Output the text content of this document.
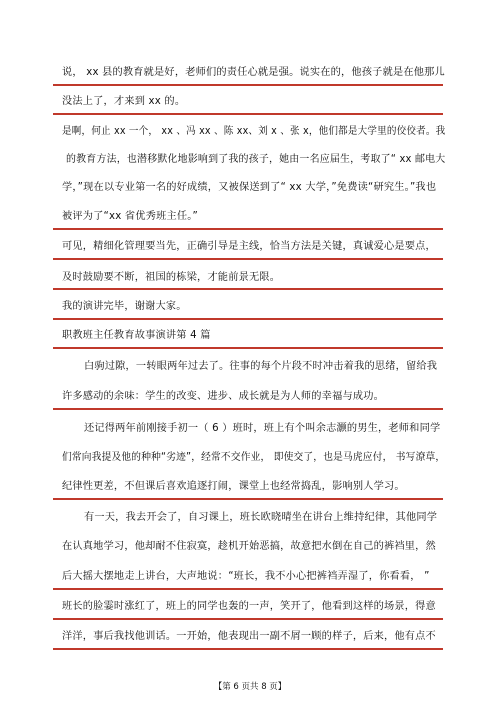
说， xx 县的教育就是好，老师们的责任心就是强。说实在的，他孩子就是在他那儿
没法上了，才来到 xx 的。
是啊，何止 xx 一个， xx 、冯 xx 、陈 xx、刘 x 、张 x，他们都是大学里的佼佼者。我
的教育方法，也潜移默化地影响到了我的孩子，她由一名应届生，考取了“ xx 邮电大
学，”现在以专业第一名的好成绩，又被保送到了“ xx 大学，”免费读“研究生。”我也
被评为了“xx 省优秀班主任。”
可见，精细化管理要当先，正确引导是主线，恰当方法是关键，真诚爱心是要点，
及时鼓励要不断，祖国的栋梁，才能前景无限。
我的演讲完毕，谢谢大家。
职教班主任教育故事演讲第 4 篇
白驹过隙，一转眼两年过去了。往事的每个片段不时冲击着我的思绪，留给我
许多感动的余味：学生的改变、进步、成长就是为人师的幸福与成功。
还记得两年前刚接手初一（ 6 ）班时，班上有个叫余志灏的男生，老师和同学
们常向我提及他的种种“劣迹”，经常不交作业， 即使交了，也是马虎应付， 书写潦草，
纪律性更差，不但课后喜欢追逐打闹，课堂上也经常捣乱，影响别人学习。
有一天，我去开会了，自习课上，班长欧晓晴坐在讲台上维持纪律，其他同学
在认真地学习，他却耐不住寂寞，趁机开始恶搞，故意把水倒在自己的裤裆里，然
后大摇大摆地走上讲台，大声地说：“班长，我不小心把裤裆弄湿了，你看看， ”
班长的脸霎时涨红了，班上的同学也轰的一声，笑开了，他看到这样的场景，得意
洋洋，事后我找他训话。一开始，他表现出一副不屑一顾的样子，后来，他有点不
【第 6 页共 8 页】
